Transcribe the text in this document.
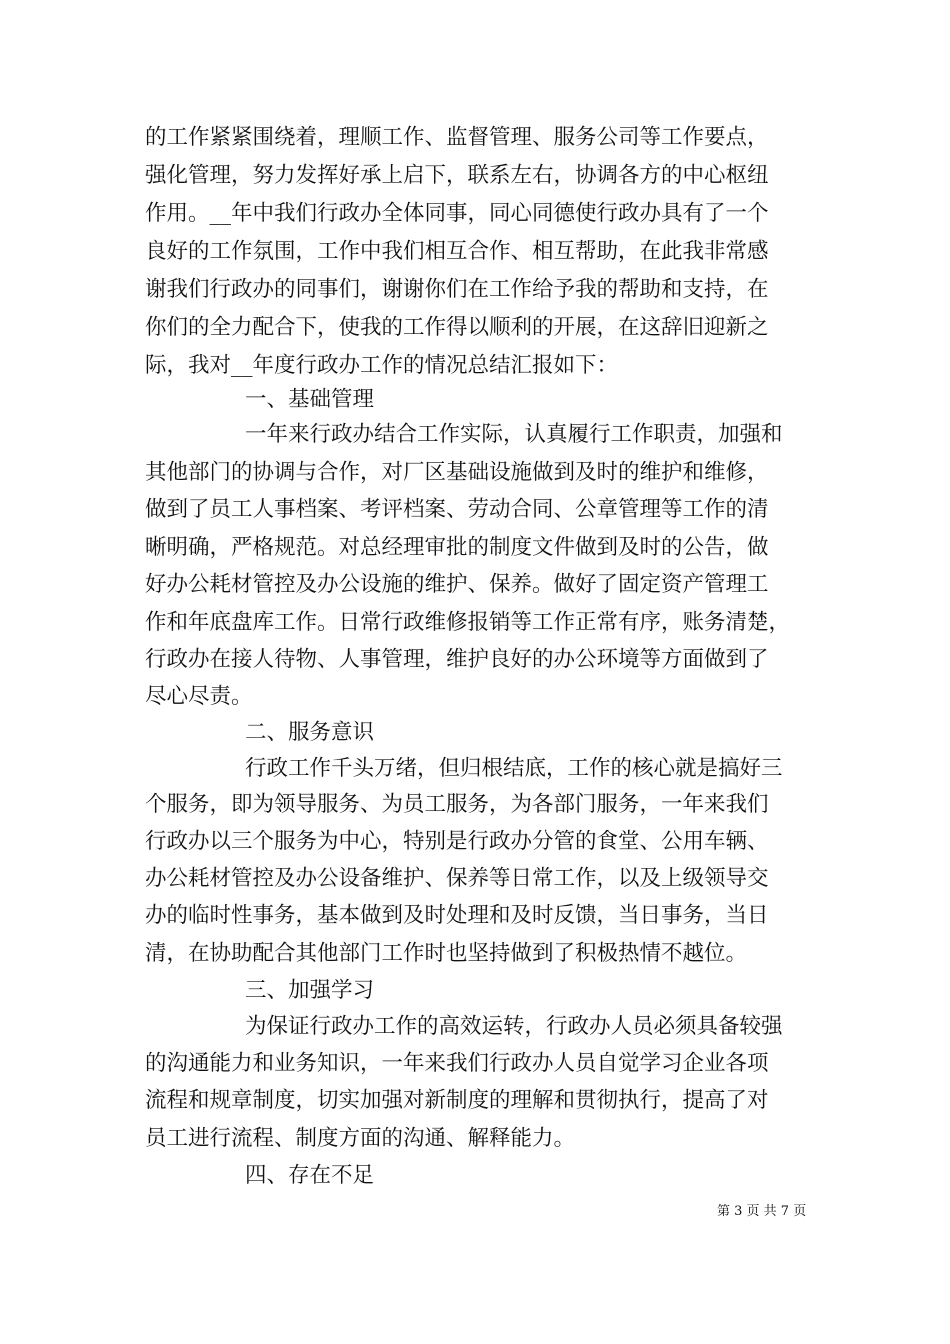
的工作紧紧围绕着，理顺工作、监督管理、服务公司等工作要点，
强化管理，努力发挥好承上启下，联系左右，协调各方的中心枢纽
作用。__年中我们行政办全体同事，同心同德使行政办具有了一个
良好的工作氛围，工作中我们相互合作、相互帮助，在此我非常感
谢我们行政办的同事们，谢谢你们在工作给予我的帮助和支持，在
你们的全力配合下，使我的工作得以顺利的开展，在这辞旧迎新之
际，我对__年度行政办工作的情况总结汇报如下：
一、基础管理
一年来行政办结合工作实际，认真履行工作职责，加强和
其他部门的协调与合作，对厂区基础设施做到及时的维护和维修，
做到了员工人事档案、考评档案、劳动合同、公章管理等工作的清
晰明确，严格规范。对总经理审批的制度文件做到及时的公告，做
好办公耗材管控及办公设施的维护、保养。做好了固定资产管理工
作和年底盘库工作。日常行政维修报销等工作正常有序，账务清楚，
行政办在接人待物、人事管理，维护良好的办公环境等方面做到了
尽心尽责。
二、服务意识
行政工作千头万绪，但归根结底，工作的核心就是搞好三
个服务，即为领导服务、为员工服务，为各部门服务，一年来我们
行政办以三个服务为中心，特别是行政办分管的食堂、公用车辆、
办公耗材管控及办公设备维护、保养等日常工作，以及上级领导交
办的临时性事务，基本做到及时处理和及时反馈，当日事务，当日
清，在协助配合其他部门工作时也坚持做到了积极热情不越位。
三、加强学习
为保证行政办工作的高效运转，行政办人员必须具备较强
的沟通能力和业务知识，一年来我们行政办人员自觉学习企业各项
流程和规章制度，切实加强对新制度的理解和贯彻执行，提高了对
员工进行流程、制度方面的沟通、解释能力。
四、存在不足
第 3 页 共 7 页
